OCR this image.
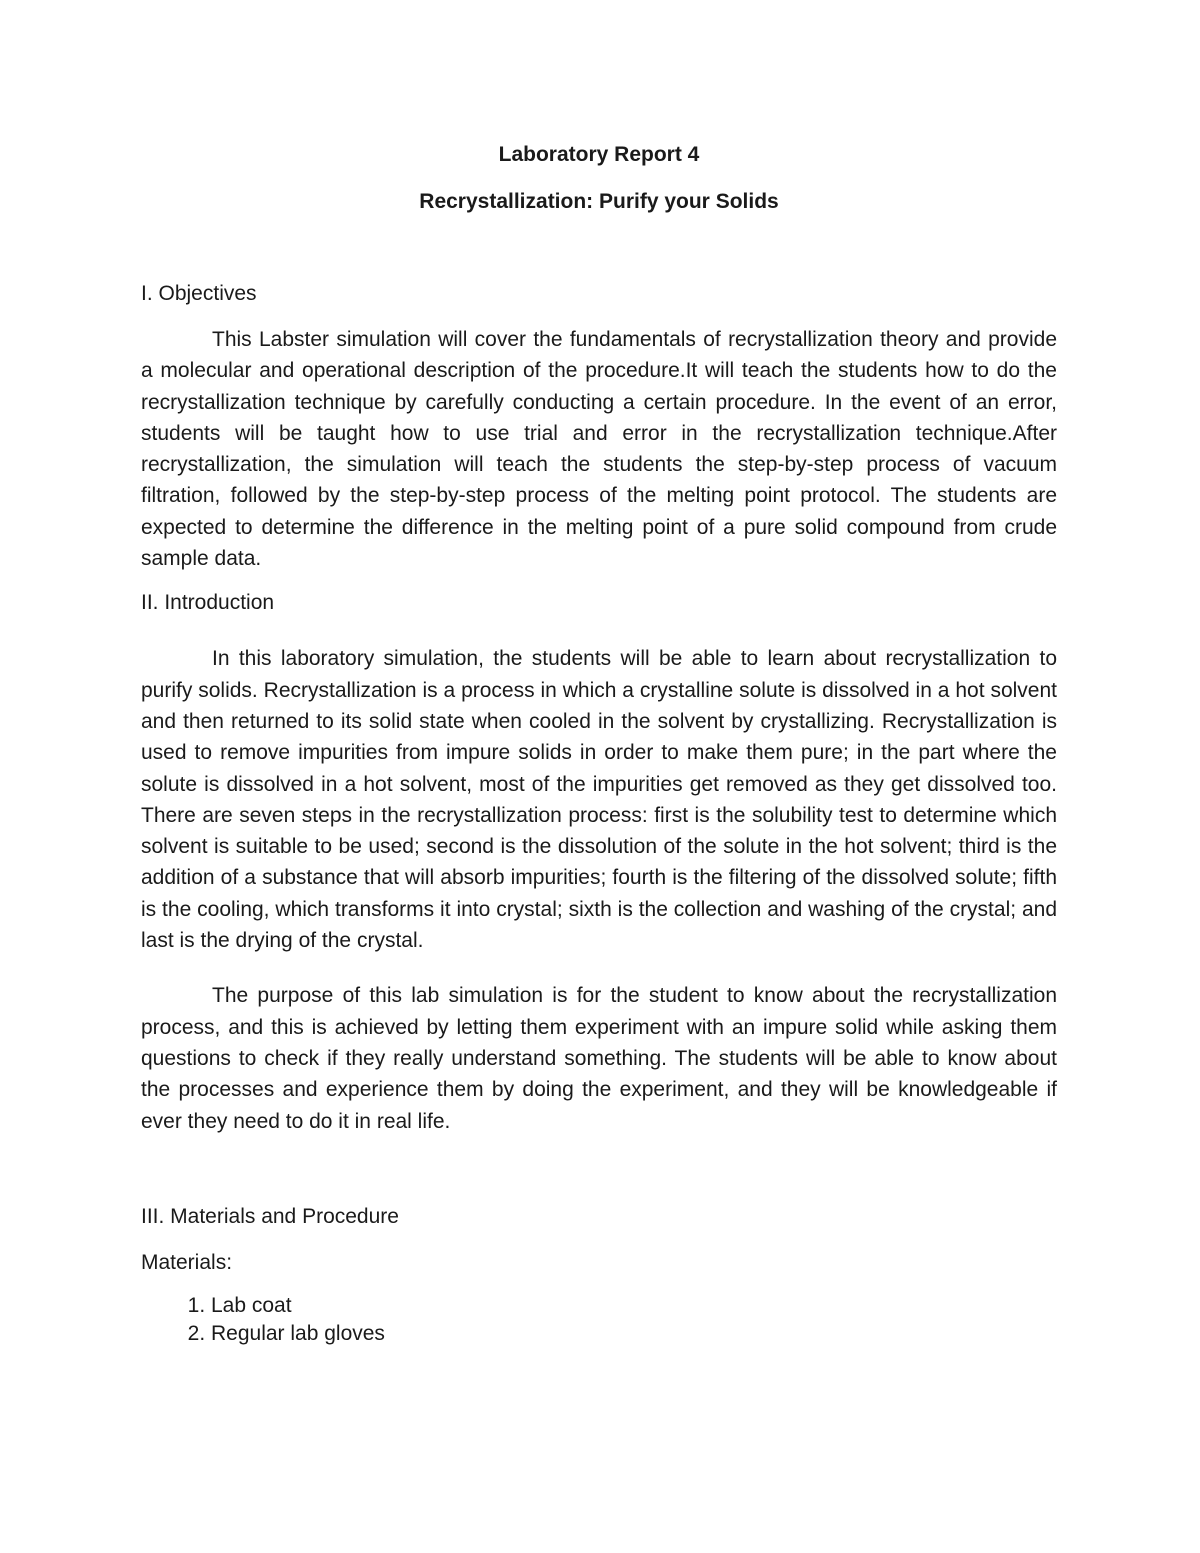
Laboratory Report 4

Recrystallization: Purify your Solids

I. Objectives

This Labster simulation will cover the fundamentals of recrystallization theory and provide a molecular and operational description of the procedure.It will teach the students how to do the recrystallization technique by carefully conducting a certain procedure. In the event of an error, students will be taught how to use trial and error in the recrystallization technique.After recrystallization, the simulation will teach the students the step-by-step process of vacuum filtration, followed by the step-by-step process of the melting point protocol. The students are expected to determine the difference in the melting point of a pure solid compound from crude sample data.

II. Introduction

In this laboratory simulation, the students will be able to learn about recrystallization to purify solids. Recrystallization is a process in which a crystalline solute is dissolved in a hot solvent and then returned to its solid state when cooled in the solvent by crystallizing. Recrystallization is used to remove impurities from impure solids in order to make them pure; in the part where the solute is dissolved in a hot solvent, most of the impurities get removed as they get dissolved too. There are seven steps in the recrystallization process: first is the solubility test to determine which solvent is suitable to be used; second is the dissolution of the solute in the hot solvent; third is the addition of a substance that will absorb impurities; fourth is the filtering of the dissolved solute; fifth is the cooling, which transforms it into crystal; sixth is the collection and washing of the crystal; and last is the drying of the crystal.

The purpose of this lab simulation is for the student to know about the recrystallization process, and this is achieved by letting them experiment with an impure solid while asking them questions to check if they really understand something. The students will be able to know about the processes and experience them by doing the experiment, and they will be knowledgeable if ever they need to do it in real life.

III. Materials and Procedure

Materials:

1. Lab coat
2. Regular lab gloves
